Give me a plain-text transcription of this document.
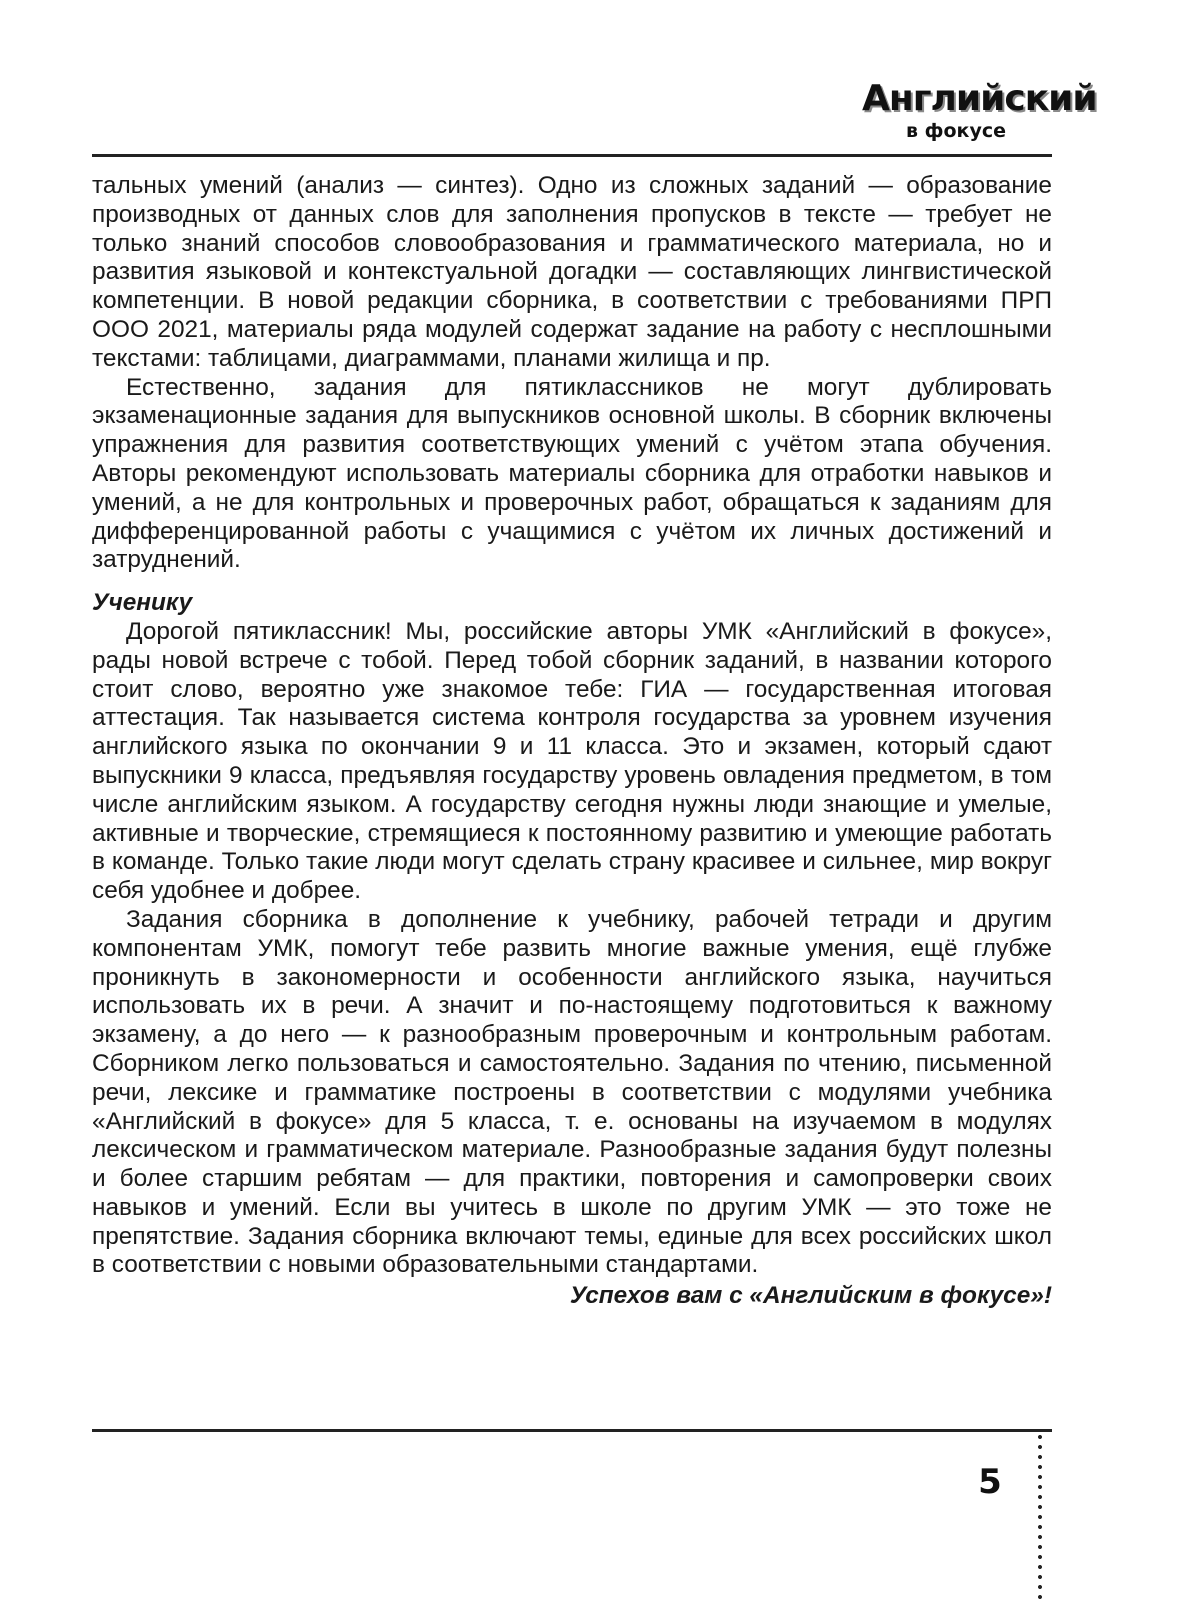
Английский
в фокусе

тальных умений (анализ — синтез). Одно из сложных заданий — образование производных от данных слов для заполнения пропусков в тексте — требует не только знаний способов словообразования и грамматического материала, но и развития языковой и контекстуальной догадки — составляющих лингвистической компетенции. В новой редакции сборника, в соответствии с требованиями ПРП ООО 2021, материалы ряда модулей содержат задание на работу с несплошными текстами: таблицами, диаграммами, планами жилища и пр.

Естественно, задания для пятиклассников не могут дублировать экзаменационные задания для выпускников основной школы. В сборник включены упражнения для развития соответствующих умений с учётом этапа обучения. Авторы рекомендуют использовать материалы сборника для отработки навыков и умений, а не для контрольных и проверочных работ, обращаться к заданиям для дифференцированной работы с учащимися с учётом их личных достижений и затруднений.

Ученику

Дорогой пятиклассник! Мы, российские авторы УМК «Английский в фокусе», рады новой встрече с тобой. Перед тобой сборник заданий, в названии которого стоит слово, вероятно уже знакомое тебе: ГИА — государственная итоговая аттестация. Так называется система контроля государства за уровнем изучения английского языка по окончании 9 и 11 класса. Это и экзамен, который сдают выпускники 9 класса, предъявляя государству уровень овладения предметом, в том числе английским языком. А государству сегодня нужны люди знающие и умелые, активные и творческие, стремящиеся к постоянному развитию и умеющие работать в команде. Только такие люди могут сделать страну красивее и сильнее, мир вокруг себя удобнее и добрее.

Задания сборника в дополнение к учебнику, рабочей тетради и другим компонентам УМК, помогут тебе развить многие важные умения, ещё глубже проникнуть в закономерности и особенности английского языка, научиться использовать их в речи. А значит и по-настоящему подготовиться к важному экзамену, а до него — к разнообразным проверочным и контрольным работам. Сборником легко пользоваться и самостоятельно. Задания по чтению, письменной речи, лексике и грамматике построены в соответствии с модулями учебника «Английский в фокусе» для 5 класса, т. е. основаны на изучаемом в модулях лексическом и грамматическом материале. Разнообразные задания будут полезны и более старшим ребятам — для практики, повторения и самопроверки своих навыков и умений. Если вы учитесь в школе по другим УМК — это тоже не препятствие. Задания сборника включают темы, единые для всех российских школ в соответствии с новыми образовательными стандартами.

Успехов вам с «Английским в фокусе»!

5
